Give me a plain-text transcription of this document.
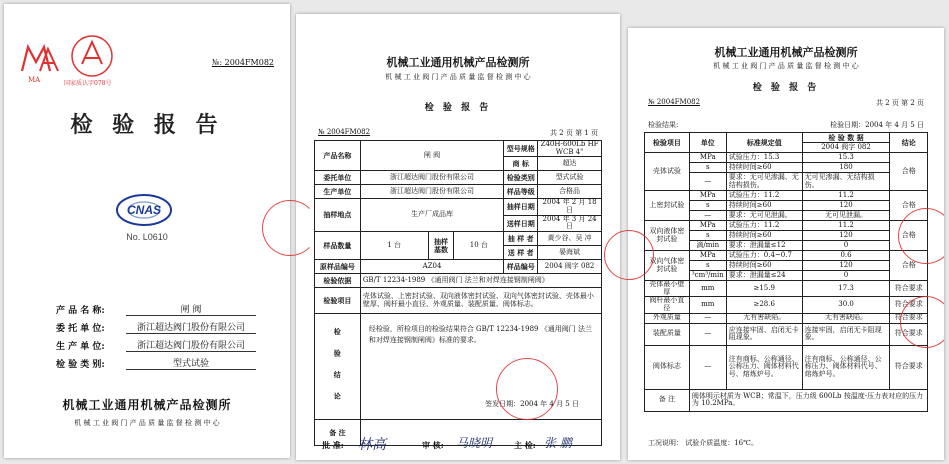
MA	国家质认字078号
№: 2004FM082
检 验 报 告
CNAS
No. L0610
产 品 名 称:	闸 阀
委 托 单 位:	浙江超达阀门股份有限公司
生 产 单 位:	浙江超达阀门股份有限公司
检 验 类 别:	型式试验
机械工业通用机械产品检测所
机 械 工 业 阀 门 产 品 质 量 监 督 检 测 中 心
机械工业通用机械产品检测所
机 械 工 业 阀 门 产 品 质 量 监 督 检 测 中 心
检 验 报 告
№ 2004FM082	共 2 页 第 1 页
产品名称	闸 阀			型号规格	Z40H-600Lb HF WCB 4"
				商 标	超达
委托单位	浙江超达阀门股份有限公司			检验类别	型式试验
生产单位	浙江超达阀门股份有限公司			样品等级	合格品
抽样地点	生产厂成品库			抽样日期	2004 年 2 月 18 日
				送样日期	2004 年 3 月 24 日
样品数量	1 台	抽样基数	10 台	抽 样 者	黄少谷、吴 冲
				送 样 者	晏海斌
原样品编号	AZ04			样品编号	2004 阀字 082
检验依据	GB/T 12234-1989 《通用阀门 法兰和对焊连接钢制闸阀》				
检验项目	壳体试验、上密封试验、双向液体密封试验、双向气体密封试验、壳体最小壁厚、阀杆最小直径、外观质量、装配质量、阀体标志。				
检 验 结 论	经检验，所检项目的检验结果符合 GB/T 12234-1989 《通用阀门 法兰和对焊连接钢制闸阀》标准的要求。
签发日期：2004 年 4 月 5 日				

备 注					
批 准: 林高	审 核: 马晓明	主 检: 张 鹏
机械工业通用机械产品检测所
机 械 工 业 阀 门 产 品 质 量 监 督 检 测 中 心
检 验 报 告
№ 2004FM082	共 2 页 第 2 页
检验结果:	检验日期：2004 年 4 月 5 日
检验项目	单位	标准规定值	检 验 数 据	结论
			2004 阀字 082	
壳体试验	MPa	试验压力：15.3	15.3	合格
	s	持续时间≥60	180	
	—	要求：无可见渗漏、无结构损伤。	无可见渗漏、无结构损伤。	
上密封试验	MPa	试验压力：11.2	11.2	合格
	s	持续时间≥60	120	
	—	要求：无可见泄漏。	无可见泄漏。	
双向液体密封试验	MPa	试验压力：11.2	11.2	合格
	s	持续时间≥60	120	
	滴/min	要求：泄漏量≤12	0	
双向气体密封试验	MPa	试验压力：0.4~0.7	0.6	合格
	s	持续时间≥60	120	
	³cm³/min	要求：泄漏量≤24	0	
壳体最小壁厚	mm	≥15.9	17.3	符合要求
阀杆最小直径	mm	≥28.6	30.0	符合要求
外观质量	—	无有害缺陷。	无有害缺陷。	符合要求
装配质量	—	应连接牢固、启闭无卡阻现象。	连接牢固，启闭无卡阻现象。	符合要求
阀体标志	—	注有商标、公称通径、公称压力、阀体材料代号、熔炼炉号。	注有商标、公称通径、公称压力、阀体材料代号、熔炼炉号。	符合要求
备 注	阀体明示材质为 WCB；常温下，压力级 600Lb 按温度-压力表对应的压力为 10.2MPa。			
工况说明： 试验介质温度：16℃。
